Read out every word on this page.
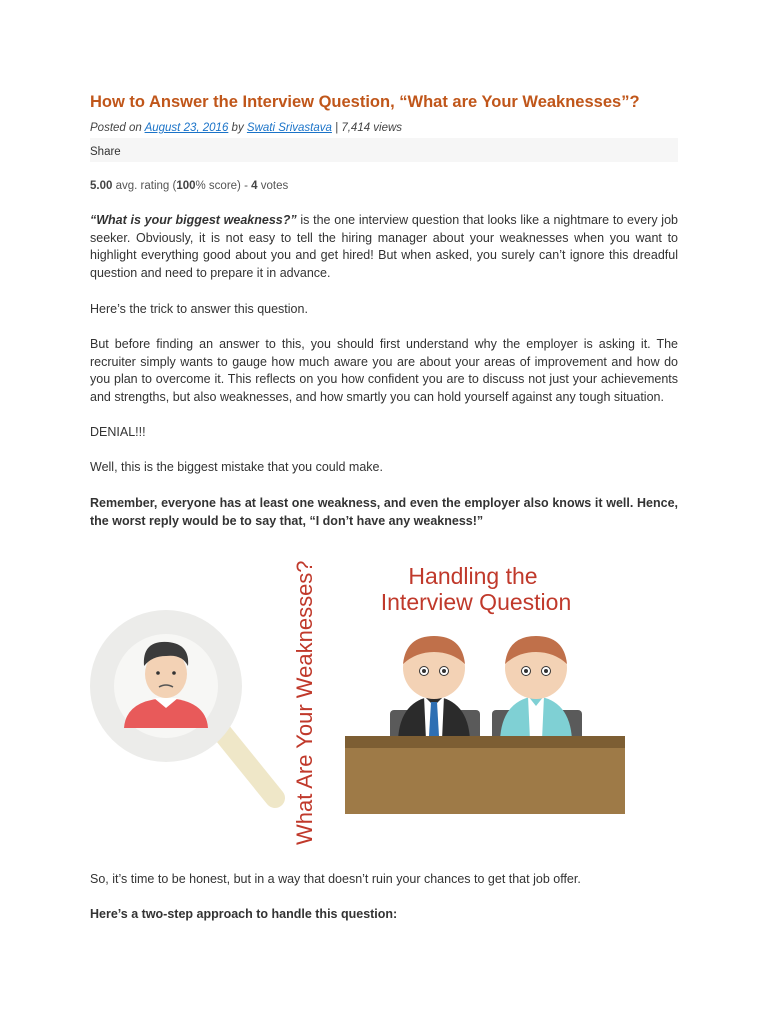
How to Answer the Interview Question, “What are Your Weaknesses”?
Posted on August 23, 2016 by Swati Srivastava | 7,414 views
Share
5.00 avg. rating (100% score) - 4 votes

“What is your biggest weakness?” is the one interview question that looks like a nightmare to every job seeker. Obviously, it is not easy to tell the hiring manager about your weaknesses when you want to highlight everything good about you and get hired! But when asked, you surely can’t ignore this dreadful question and need to prepare it in advance.

Here’s the trick to answer this question.

But before finding an answer to this, you should first understand why the employer is asking it. The recruiter simply wants to gauge how much aware you are about your areas of improvement and how do you plan to overcome it. This reflects on you how confident you are to discuss not just your achievements and strengths, but also weaknesses, and how smartly you can hold yourself against any tough situation.

DENIAL!!!

Well, this is the biggest mistake that you could make.

Remember, everyone has at least one weakness, and even the employer also knows it well. Hence, the worst reply would be to say that, “I don’t have any weakness!”

So, it’s time to be honest, but in a way that doesn’t ruin your chances to get that job offer.

Here’s a two-step approach to handle this question:

What Are Your Weaknesses?	Handling the
Interview Question
